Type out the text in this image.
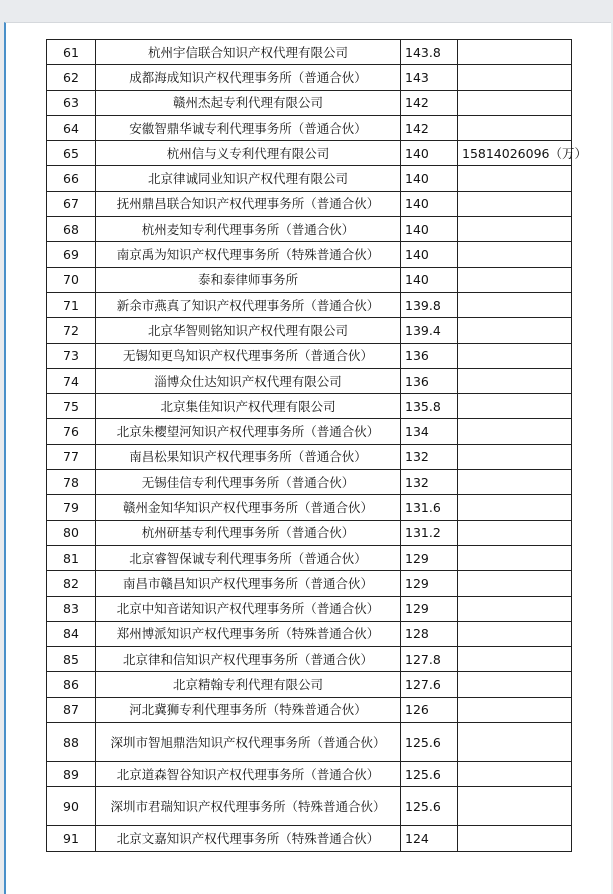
61	杭州宇信联合知识产权代理有限公司	143.8	
62	成都海成知识产权代理事务所（普通合伙）	143	
63	赣州杰起专利代理有限公司	142	
64	安徽智鼎华诚专利代理事务所（普通合伙）	142	
65	杭州信与义专利代理有限公司	140	15814026096（万）
66	北京律诚同业知识产权代理有限公司	140	
67	抚州鼎昌联合知识产权代理事务所（普通合伙）	140	
68	杭州麦知专利代理事务所（普通合伙）	140	
69	南京禹为知识产权代理事务所（特殊普通合伙）	140	
70	泰和泰律师事务所	140	
71	新余市燕真了知识产权代理事务所（普通合伙）	139.8	
72	北京华智则铭知识产权代理有限公司	139.4	
73	无锡知更鸟知识产权代理事务所（普通合伙）	136	
74	淄博众仕达知识产权代理有限公司	136	
75	北京集佳知识产权代理有限公司	135.8	
76	北京朱樱望河知识产权代理事务所（普通合伙）	134	
77	南昌松果知识产权代理事务所（普通合伙）	132	
78	无锡佳信专利代理事务所（普通合伙）	132	
79	赣州金知华知识产权代理事务所（普通合伙）	131.6	
80	杭州研基专利代理事务所（普通合伙）	131.2	
81	北京睿智保诚专利代理事务所（普通合伙）	129	
82	南昌市赣昌知识产权代理事务所（普通合伙）	129	
83	北京中知音诺知识产权代理事务所（普通合伙）	129	
84	郑州博派知识产权代理事务所（特殊普通合伙）	128	
85	北京律和信知识产权代理事务所（普通合伙）	127.8	
86	北京精翰专利代理有限公司	127.6	
87	河北冀狮专利代理事务所（特殊普通合伙）	126	
88	深圳市智旭鼎浩知识产权代理事务所（普通合伙）	125.6	
89	北京道森智谷知识产权代理事务所（普通合伙）	125.6	
90	深圳市君瑞知识产权代理事务所（特殊普通合伙）	125.6	
91	北京文嘉知识产权代理事务所（特殊普通合伙）	124	
